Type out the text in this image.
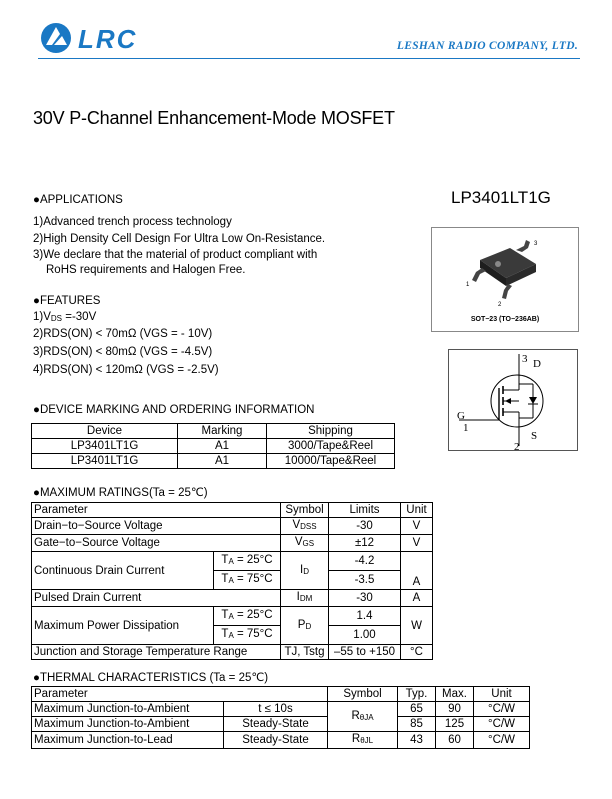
LRC	LESHAN RADIO COMPANY, LTD.
30V P-Channel Enhancement-Mode MOSFET
LP3401LT1G
●APPLICATIONS
1)Advanced trench process technology
2)High Density Cell Design For Ultra Low On-Resistance.
3)We declare that the material of product compliant with
RoHS requirements and Halogen Free.
●FEATURES
1)VDS =-30V
2)RDS(ON) < 70mΩ (VGS = - 10V)
3)RDS(ON) < 80mΩ (VGS = -4.5V)
4)RDS(ON) < 120mΩ (VGS = -2.5V)
3
1
2
SOT−23 (TO−236AB)
3 D
G
1
S
2
●DEVICE MARKING AND ORDERING INFORMATION
Device	Marking	Shipping
LP3401LT1G	A1	3000/Tape&Reel
LP3401LT1G	A1	10000/Tape&Reel
●MAXIMUM RATINGS(Ta = 25℃)
Parameter		Symbol	Limits	Unit
Drain−to−Source Voltage		VDSS	-30	V
Gate−to−Source Voltage		VGS	±12	V
Continuous Drain Current	TA = 25°C	ID	-4.2	
	TA = 75°C		-3.5	A
Pulsed Drain Current		IDM	-30	A
Maximum Power Dissipation	TA = 25°C	PD	1.4	W
	TA = 75°C		1.00	
Junction and Storage Temperature Range		TJ, Tstg	–55 to +150	°C
●THERMAL CHARACTERISTICS (Ta = 25℃)
Parameter		Symbol	Typ.	Max.	Unit
Maximum Junction-to-Ambient	t ≤ 10s	RθJA	65	90	°C/W
Maximum Junction-to-Ambient	Steady-State		85	125	°C/W
Maximum Junction-to-Lead	Steady-State	RθJL	43	60	°C/W
